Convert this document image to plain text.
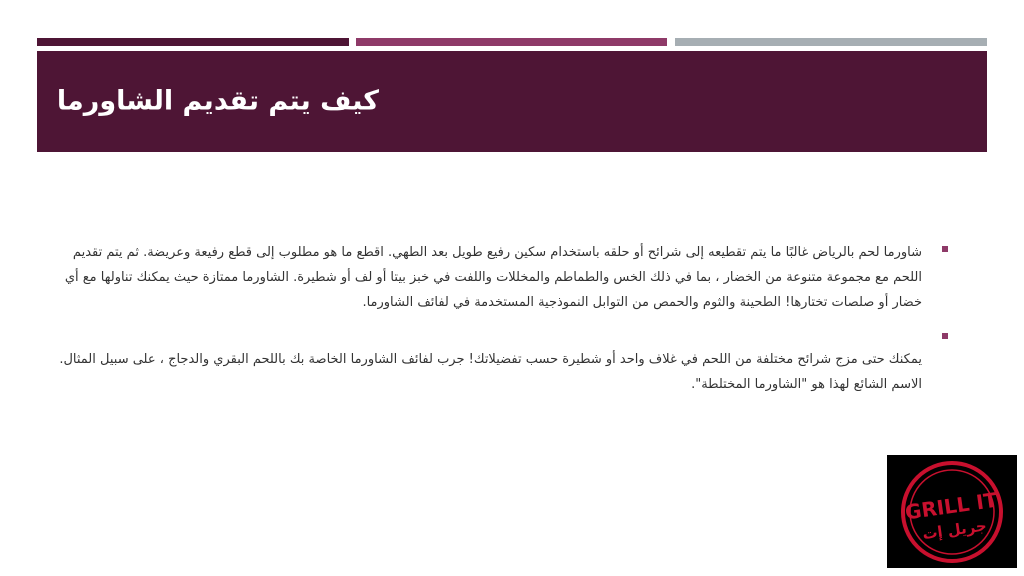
كيف يتم تقديم الشاورما
شاورما لحم بالرياض غالبًا ما يتم تقطيعه إلى شرائح أو حلقه باستخدام سكين رفيع طويل بعد الطهي. اقطع ما هو مطلوب إلى قطع رفيعة وعريضة. ثم يتم تقديم اللحم مع مجموعة متنوعة من الخضار ، بما في ذلك الخس والطماطم والمخللات واللفت في خبز بيتا أو لف أو شطيرة. الشاورما ممتازة حيث يمكنك تناولها مع أي خضار أو صلصات تختارها! الطحينة والثوم والحمص من التوابل النموذجية المستخدمة في لفائف الشاورما.
يمكنك حتى مزج شرائح مختلفة من اللحم في غلاف واحد أو شطيرة حسب تفضيلاتك! جرب لفائف الشاورما الخاصة بك باللحم البقري والدجاج ، على سبيل المثال. الاسم الشائع لهذا هو "الشاورما المختلطة".
GRILL IT
جريل إت
